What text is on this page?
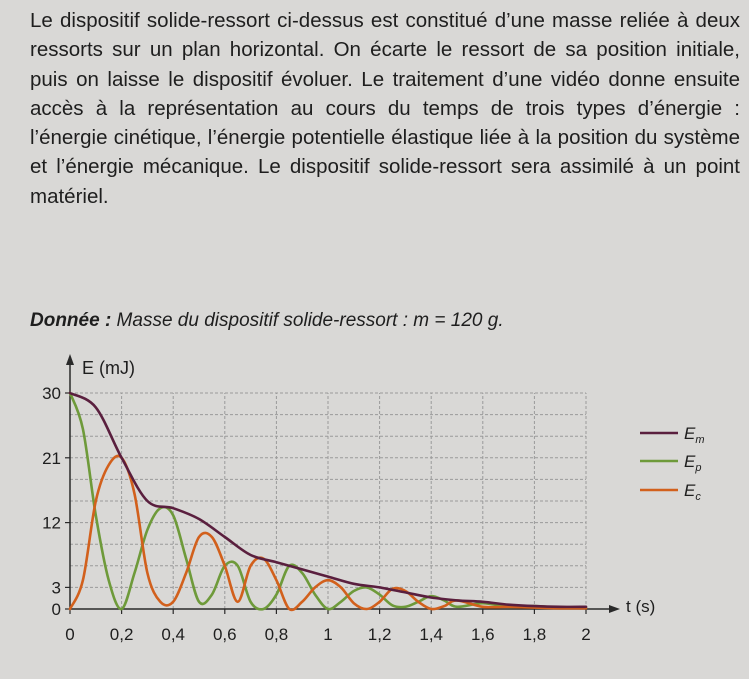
Le dispositif solide-ressort ci-dessus est constitué d’une masse reliée à deux ressorts sur un plan horizontal. On écarte le ressort de sa position initiale, puis on laisse le dispositif évoluer. Le traitement d’une vidéo donne ensuite accès à la représentation au cours du temps de trois types d’énergie : l’énergie cinétique, l’énergie potentielle élastique liée à la position du système et l’énergie mécanique. Le dispositif solide-ressort sera assimilé à un point matériel.

Donnée : Masse du dispositif solide-ressort : m = 120 g.
0
3
12
21
30
0 0,2 0,4 0,6 0,8 1 1,2 1,4 1,6 1,8 2
E (mJ)
t (s)
$E_m$
$E_p$
$E_c$
